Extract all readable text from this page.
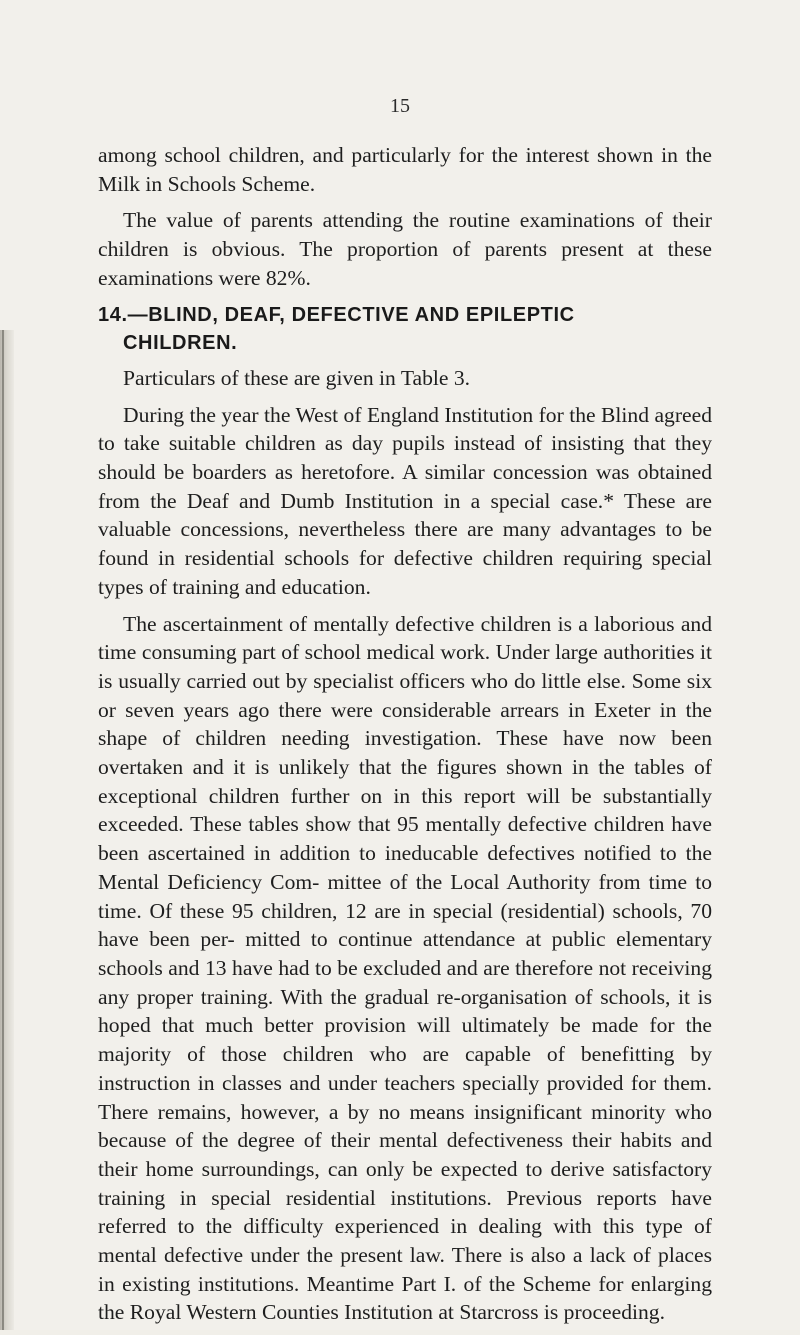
15

among school children, and particularly for the interest shown in the Milk in Schools Scheme.

The value of parents attending the routine examinations of their children is obvious. The proportion of parents present at these examinations were 82%.

14.—BLIND, DEAF, DEFECTIVE AND EPILEPTIC
CHILDREN.

Particulars of these are given in Table 3.

During the year the West of England Institution for the Blind agreed to take suitable children as day pupils instead of insisting that they should be boarders as heretofore. A similar concession was obtained from the Deaf and Dumb Institution in a special case.* These are valuable concessions, nevertheless there are many advantages to be found in residential schools for defective children requiring special types of training and education.

The ascertainment of mentally defective children is a laborious and time consuming part of school medical work. Under large authorities it is usually carried out by specialist officers who do little else. Some six or seven years ago there were considerable arrears in Exeter in the shape of children needing investigation. These have now been overtaken and it is unlikely that the figures shown in the tables of exceptional children further on in this report will be substantially exceeded. These tables show that 95 mentally defective children have been ascertained in addition to ineducable defectives notified to the Mental Deficiency Com- mittee of the Local Authority from time to time. Of these 95 children, 12 are in special (residential) schools, 70 have been per- mitted to continue attendance at public elementary schools and 13 have had to be excluded and are therefore not receiving any proper training. With the gradual re-organisation of schools, it is hoped that much better provision will ultimately be made for the majority of those children who are capable of benefitting by instruction in classes and under teachers specially provided for them. There remains, however, a by no means insignificant minority who because of the degree of their mental defectiveness their habits and their home surroundings, can only be expected to derive satisfactory training in special residential institutions. Previous reports have referred to the difficulty experienced in dealing with this type of mental defective under the present law. There is also a lack of places in existing institutions. Meantime Part I. of the Scheme for enlarging the Royal Western Counties Institution at Starcross is proceeding.
